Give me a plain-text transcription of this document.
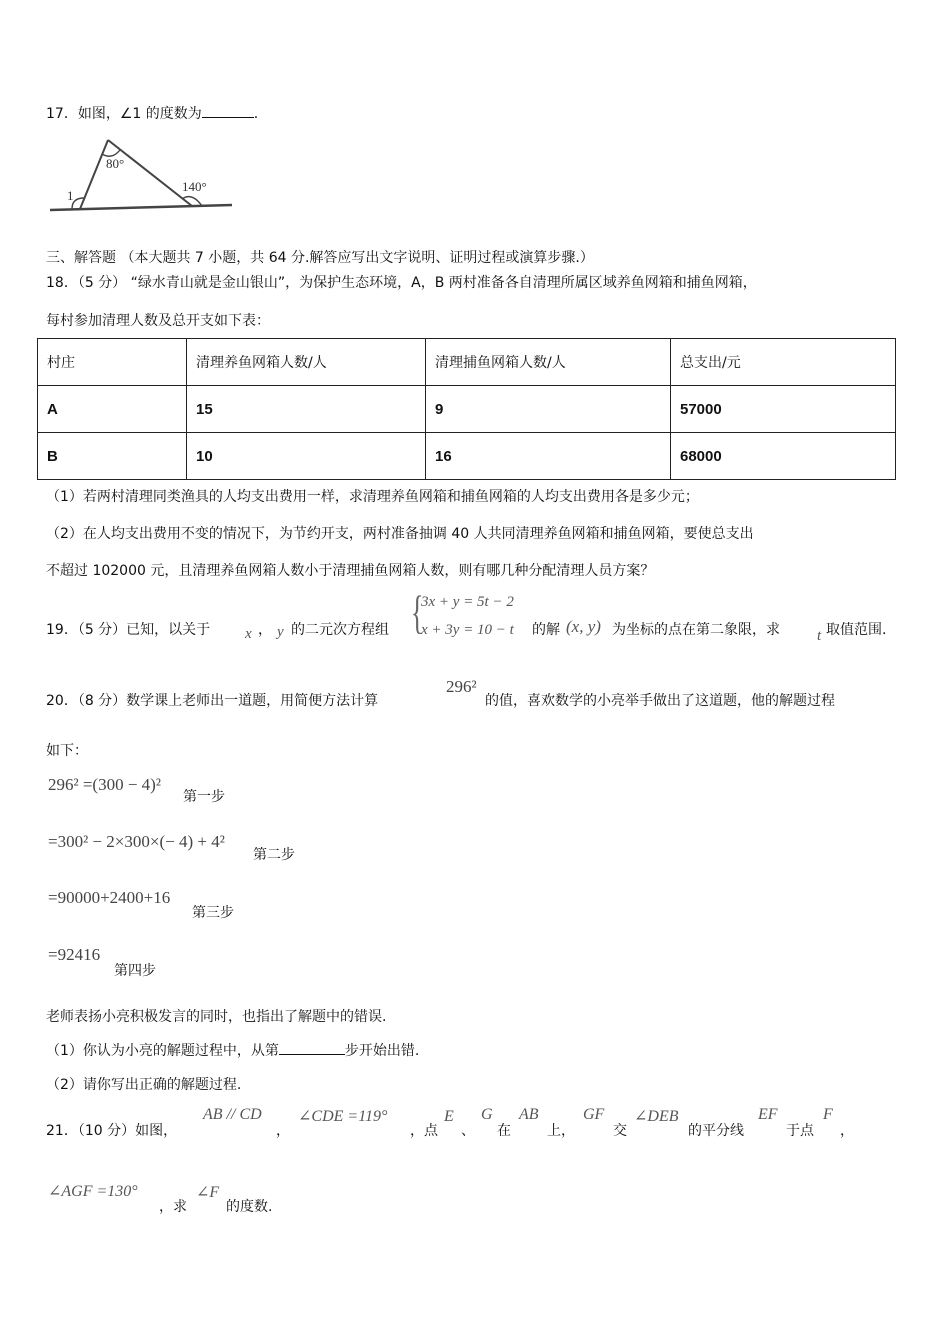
17．如图，∠1 的度数为	.
80°
140°
1
三、解答题 （本大题共 7 小题，共 64 分.解答应写出文字说明、证明过程或演算步骤.）
18．（5 分） “绿水青山就是金山银山”，为保护生态环境，A，B 两村准备各自清理所属区域养鱼网箱和捕鱼网箱，
每村参加清理人数及总开支如下表：
村庄	清理养鱼网箱人数/人	清理捕鱼网箱人数/人	总支出/元
A	15	9	57000
B	10	16	68000
（1）若两村清理同类渔具的人均支出费用一样，求清理养鱼网箱和捕鱼网箱的人均支出费用各是多少元；
（2）在人均支出费用不变的情况下，为节约开支，两村准备抽调 40 人共同清理养鱼网箱和捕鱼网箱，要使总支出
不超过 102000 元，且清理养鱼网箱人数小于清理捕鱼网箱人数，则有哪几种分配清理人员方案？
19．（5 分）已知，以关于 x ， y 的二元次方程组 {
3x + y = 5t − 2
x + 3y = 10 − t 的解 (x, y) 为坐标的点在第二象限，求 t 取值范围.
20．（8 分）数学课上老师出一道题，用简便方法计算
296²
的值，喜欢数学的小亮举手做出了这道题，他的解题过程
如下：
296² =(300 − 4)²
第一步
=300² − 2×300×(− 4) + 4²
第二步
=90000+2400+16
第三步
=92416
第四步
老师表扬小亮积极发言的同时，也指出了解题中的错误.
（1）你认为小亮的解题过程中，从第	步开始出错.
（2）请你写出正确的解题过程.
21．（10 分）如图，
AB // CD
，
∠CDE =119°
，点
E
、
G
在
AB
上，
GF
交
∠DEB
的平分线
EF
于点
F
，
∠AGF =130°
，求
∠F
的度数.
